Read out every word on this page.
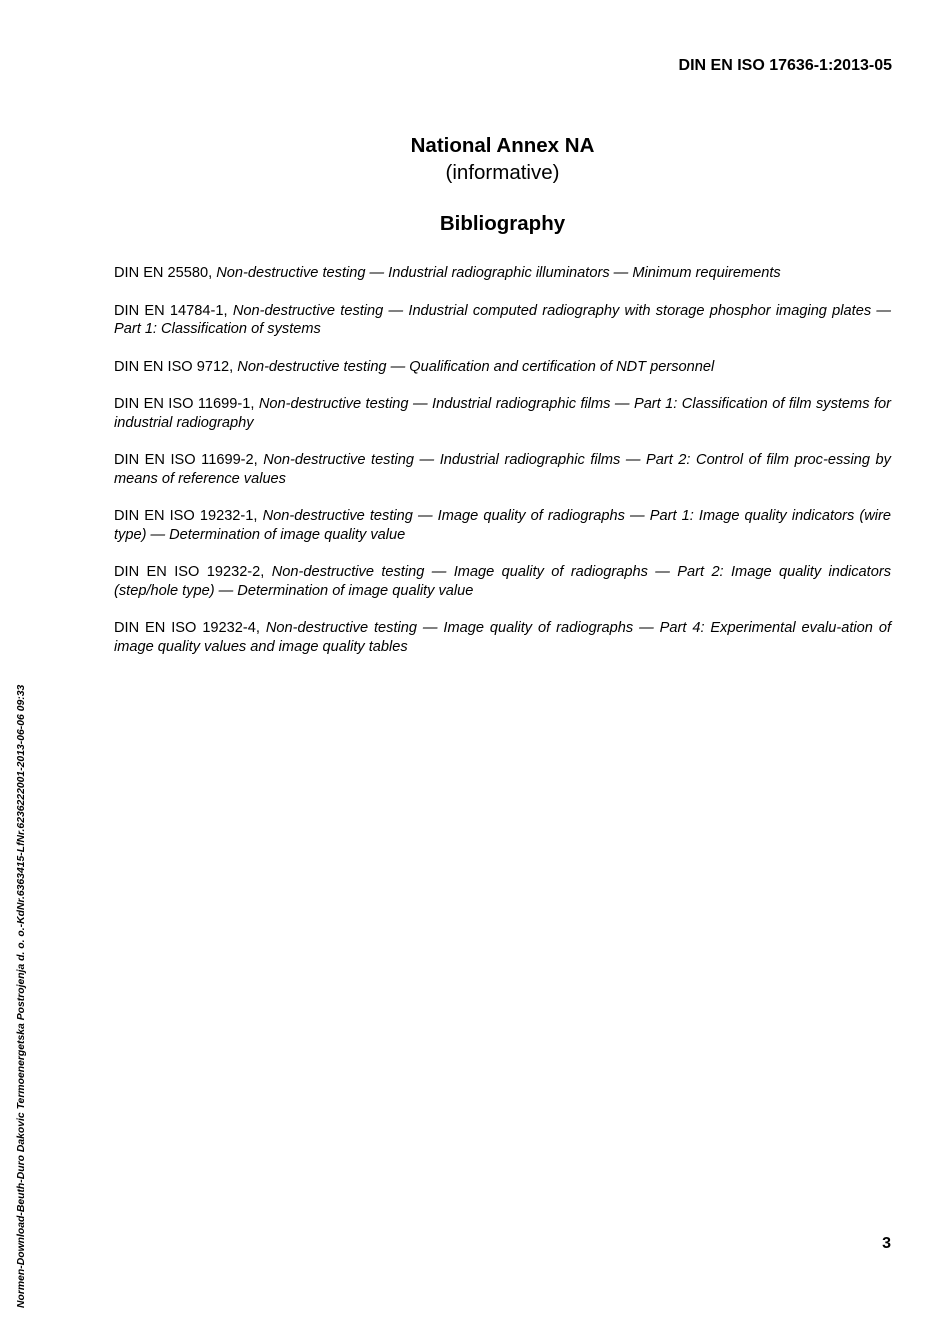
DIN EN ISO 17636-1:2013-05
National Annex NA
(informative)
Bibliography
DIN EN 25580, Non-destructive testing — Industrial radiographic illuminators — Minimum requirements
DIN EN 14784-1, Non-destructive testing — Industrial computed radiography with storage phosphor imaging plates — Part 1: Classification of systems
DIN EN ISO 9712, Non-destructive testing — Qualification and certification of NDT personnel
DIN EN ISO 11699-1, Non-destructive testing — Industrial radiographic films — Part 1: Classification of film systems for industrial radiography
DIN EN ISO 11699-2, Non-destructive testing — Industrial radiographic films — Part 2: Control of film proc-essing by means of reference values
DIN EN ISO 19232-1, Non-destructive testing — Image quality of radiographs — Part 1: Image quality indicators (wire type) — Determination of image quality value
DIN EN ISO 19232-2, Non-destructive testing — Image quality of radiographs — Part 2: Image quality indicators (step/hole type) — Determination of image quality value
DIN EN ISO 19232-4, Non-destructive testing — Image quality of radiographs — Part 4: Experimental evalu-ation of image quality values and image quality tables
3
Normen-Download-Beuth-Duro Dakovic Termoenergetska Postrojenja d. o. o.-KdNr.6363415-LfNr.6236222001-2013-06-06 09:33
